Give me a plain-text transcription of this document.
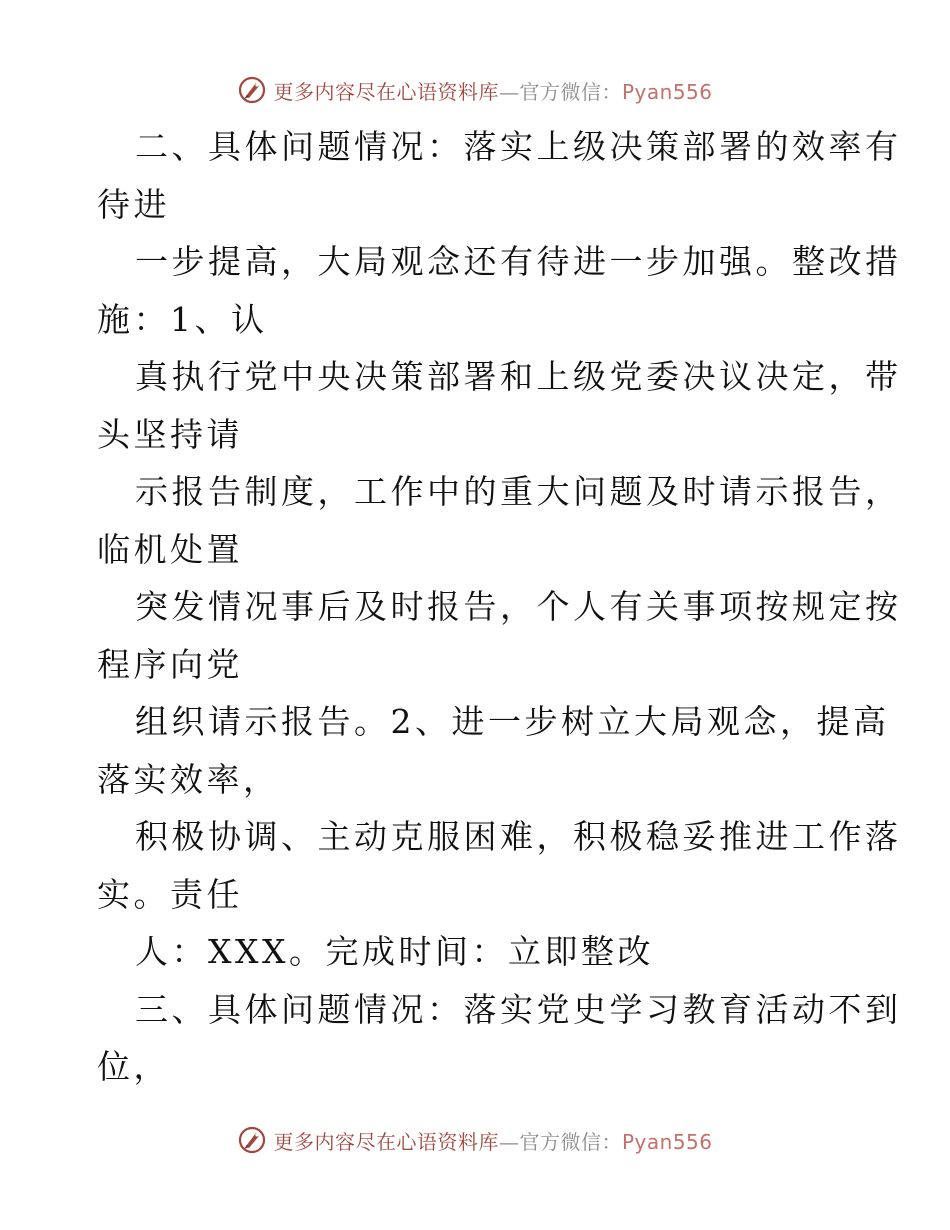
更多内容尽在心语资料库—官方微信：Pyan556

二、具体问题情况：落实上级决策部署的效率有
待进

一步提高，大局观念还有待进一步加强。整改措
施：1、认

真执行党中央决策部署和上级党委决议决定，带
头坚持请

示报告制度，工作中的重大问题及时请示报告，
临机处置

突发情况事后及时报告，个人有关事项按规定按
程序向党

组织请示报告。2、进一步树立大局观念，提高
落实效率，

积极协调、主动克服困难，积极稳妥推进工作落
实。责任

人：XXX。完成时间：立即整改

三、具体问题情况：落实党史学习教育活动不到
位，

更多内容尽在心语资料库—官方微信：Pyan556
